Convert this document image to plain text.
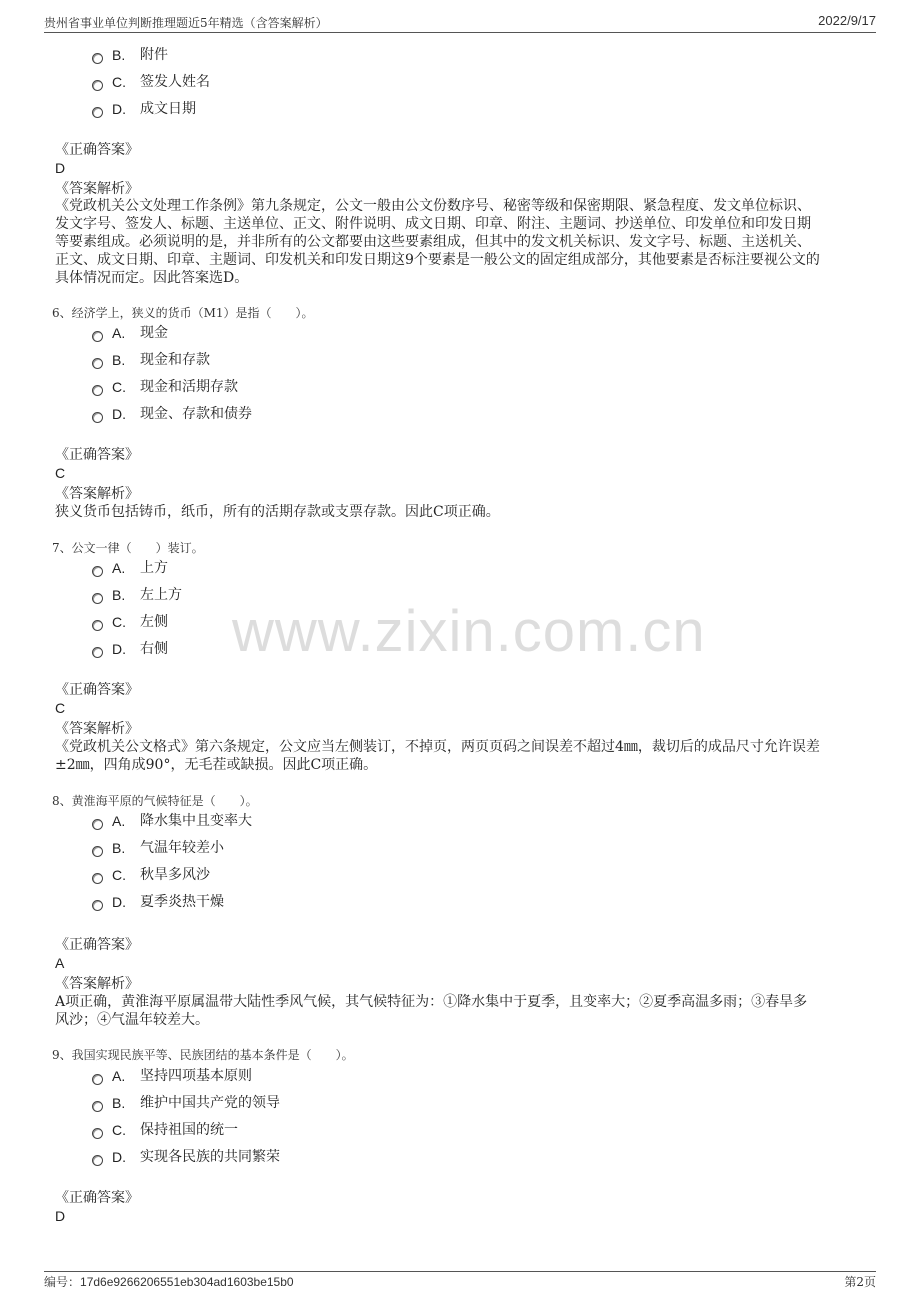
贵州省事业单位判断推理题近5年精选（含答案解析）	2022/9/17
www.zixin.com.cn
B.	附件
C.	签发人姓名
D.	成文日期
《正确答案》
D
《答案解析》
《党政机关公文处理工作条例》第九条规定，公文一般由公文份数序号、秘密等级和保密期限、紧急程度、发文单位标识、
发文字号、签发人、标题、主送单位、正文、附件说明、成文日期、印章、附注、主题词、抄送单位、印发单位和印发日期
等要素组成。必须说明的是，并非所有的公文都要由这些要素组成，但其中的发文机关标识、发文字号、标题、主送机关、
正文、成文日期、印章、主题词、印发机关和印发日期这9个要素是一般公文的固定组成部分，其他要素是否标注要视公文的
具体情况而定。因此答案选D。
6、经济学上，狭义的货币（M1）是指（　　）。
A.	现金
B.	现金和存款
C.	现金和活期存款
D.	现金、存款和债券
《正确答案》
C
《答案解析》
狭义货币包括铸币，纸币，所有的活期存款或支票存款。因此C项正确。
7、公文一律（　　）装订。
A.	上方
B.	左上方
C.	左侧
D.	右侧
《正确答案》
C
《答案解析》
《党政机关公文格式》第六条规定，公文应当左侧装订，不掉页，两页页码之间误差不超过4㎜，裁切后的成品尺寸允许误差
±2㎜，四角成90°，无毛茬或缺损。因此C项正确。
8、黄淮海平原的气候特征是（　　）。
A.	降水集中且变率大
B.	气温年较差小
C.	秋旱多风沙
D.	夏季炎热干燥
《正确答案》
A
《答案解析》
A项正确，黄淮海平原属温带大陆性季风气候，其气候特征为：①降水集中于夏季，且变率大；②夏季高温多雨；③春旱多
风沙；④气温年较差大。
9、我国实现民族平等、民族团结的基本条件是（　　）。
A.	坚持四项基本原则
B.	维护中国共产党的领导
C.	保持祖国的统一
D.	实现各民族的共同繁荣
《正确答案》
D
编号：17d6e9266206551eb304ad1603be15b0	第2页
